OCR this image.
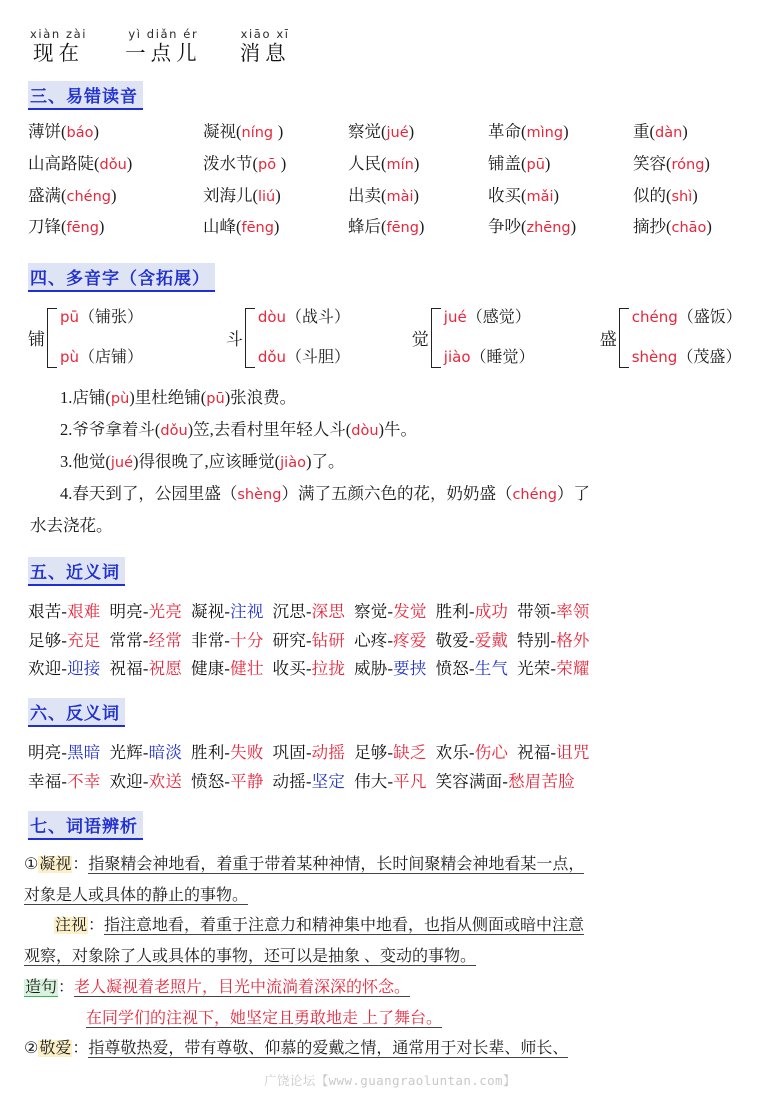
xiàn zài
现在
yì diǎn ér
一点儿
xiāo xī
消息
三、易错读音
薄饼(báo)	凝视(níng )	察觉(jué)	革命(mìng)	重(dàn)
山高路陡(dǒu)	泼水节(pō )	人民(mín)	铺盖(pū)	笑容(róng)
盛满(chéng)	刘海儿(liú)	出卖(mài)	收买(mǎi)	似的(shì)
刀锋(fēng)	山峰(fēng)	蜂后(fēng)	争吵(zhēng)	摘抄(chāo)
四、多音字（含拓展）
铺
pū（铺张）
pù（店铺）
斗
dòu（战斗）
dǒu（斗胆）
觉
jué（感觉）
jiào（睡觉）
盛
chéng（盛饭）
shèng（茂盛）
1.店铺(pù)里杜绝铺(pū)张浪费。
2.爷爷拿着斗(dǒu)笠,去看村里年轻人斗(dòu)牛。
3.他觉(jué)得很晚了,应该睡觉(jiào)了。
4.春天到了，公园里盛（shèng）满了五颜六色的花，奶奶盛（chéng）了
水去浇花。
五、近义词
艰苦-艰难 明亮-光亮 凝视-注视 沉思-深思 察觉-发觉 胜利-成功 带领-率领
足够-充足 常常-经常 非常-十分 研究-钻研 心疼-疼爱 敬爱-爱戴 特别-格外
欢迎-迎接 祝福-祝愿 健康-健壮 收买-拉拢 威胁-要挟 愤怒-生气 光荣-荣耀
六、反义词
明亮-黑暗 光辉-暗淡 胜利-失败 巩固-动摇 足够-缺乏 欢乐-伤心 祝福-诅咒
幸福-不幸 欢迎-欢送 愤怒-平静 动摇-坚定 伟大-平凡 笑容满面-愁眉苦脸
七、词语辨析
①凝视：指聚精会神地看，着重于带着某种神情，长时间聚精会神地看某一点，
对象是人或具体的静止的事物。
注视：指注意地看，着重于注意力和精神集中地看，也指从侧面或暗中注意
观察，对象除了人或具体的事物，还可以是抽象 、变动的事物。
造句：老人凝视着老照片，目光中流淌着深深的怀念。
在同学们的注视下，她坚定且勇敢地走 上了舞台。
②敬爱：指尊敬热爱，带有尊敬、仰慕的爱戴之情，通常用于对长辈、师长、
广饶论坛【www.guangraoluntan.com】
